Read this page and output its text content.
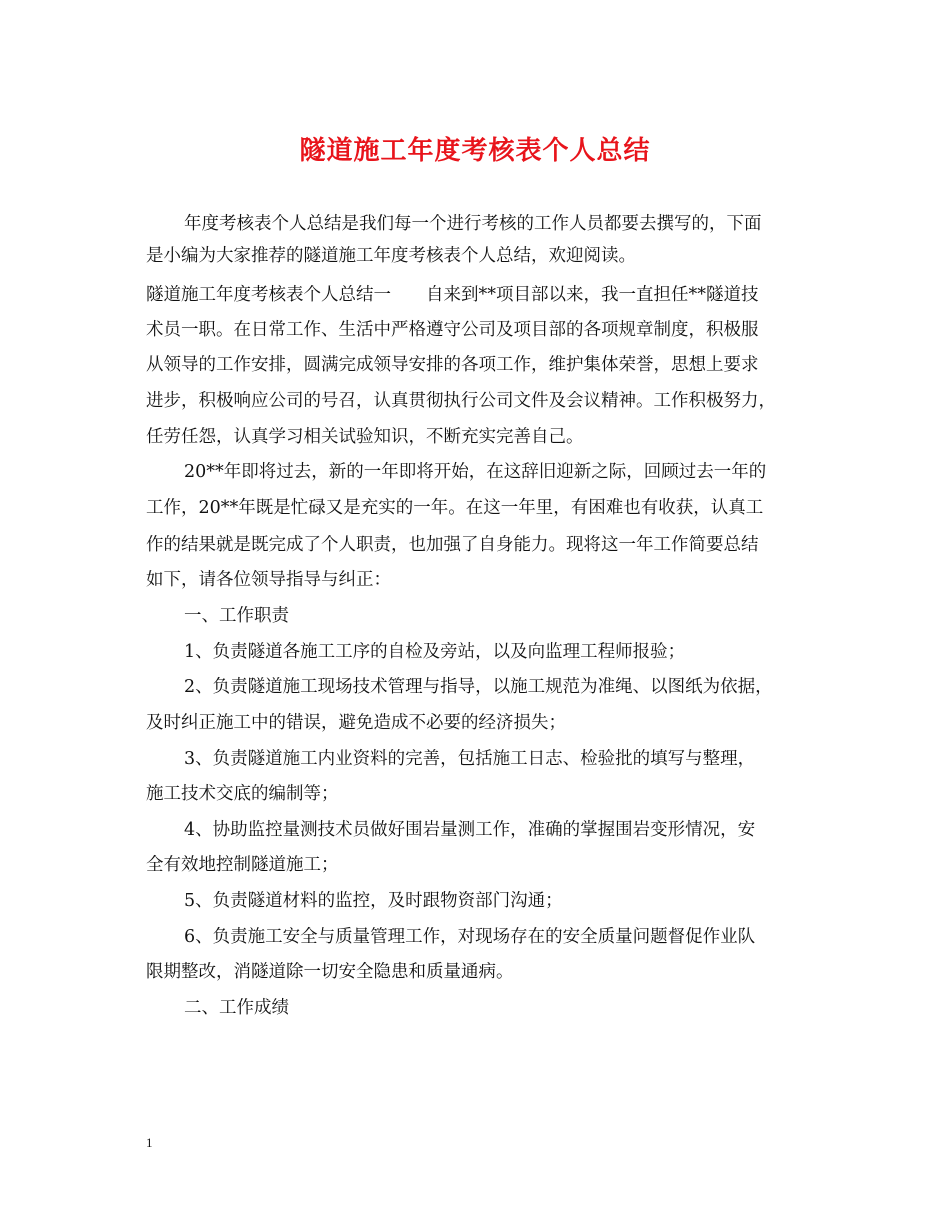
隧道施工年度考核表个人总结
年度考核表个人总结是我们每一个进行考核的工作人员都要去撰写的，下面
是小编为大家推荐的隧道施工年度考核表个人总结，欢迎阅读。
隧道施工年度考核表个人总结一　　自来到**项目部以来，我一直担任**隧道技
术员一职。在日常工作、生活中严格遵守公司及项目部的各项规章制度，积极服
从领导的工作安排，圆满完成领导安排的各项工作，维护集体荣誉，思想上要求
进步，积极响应公司的号召，认真贯彻执行公司文件及会议精神。工作积极努力，
任劳任怨，认真学习相关试验知识，不断充实完善自己。
20**年即将过去，新的一年即将开始，在这辞旧迎新之际，回顾过去一年的
工作，20**年既是忙碌又是充实的一年。在这一年里，有困难也有收获，认真工
作的结果就是既完成了个人职责，也加强了自身能力。现将这一年工作简要总结
如下，请各位领导指导与纠正：
一、工作职责
1、负责隧道各施工工序的自检及旁站，以及向监理工程师报验；
2、负责隧道施工现场技术管理与指导，以施工规范为准绳、以图纸为依据，
及时纠正施工中的错误，避免造成不必要的经济损失；
3、负责隧道施工内业资料的完善，包括施工日志、检验批的填写与整理，
施工技术交底的编制等；
4、协助监控量测技术员做好围岩量测工作，准确的掌握围岩变形情况，安
全有效地控制隧道施工；
5、负责隧道材料的监控，及时跟物资部门沟通；
6、负责施工安全与质量管理工作，对现场存在的安全质量问题督促作业队
限期整改，消隧道除一切安全隐患和质量通病。
二、工作成绩
1
